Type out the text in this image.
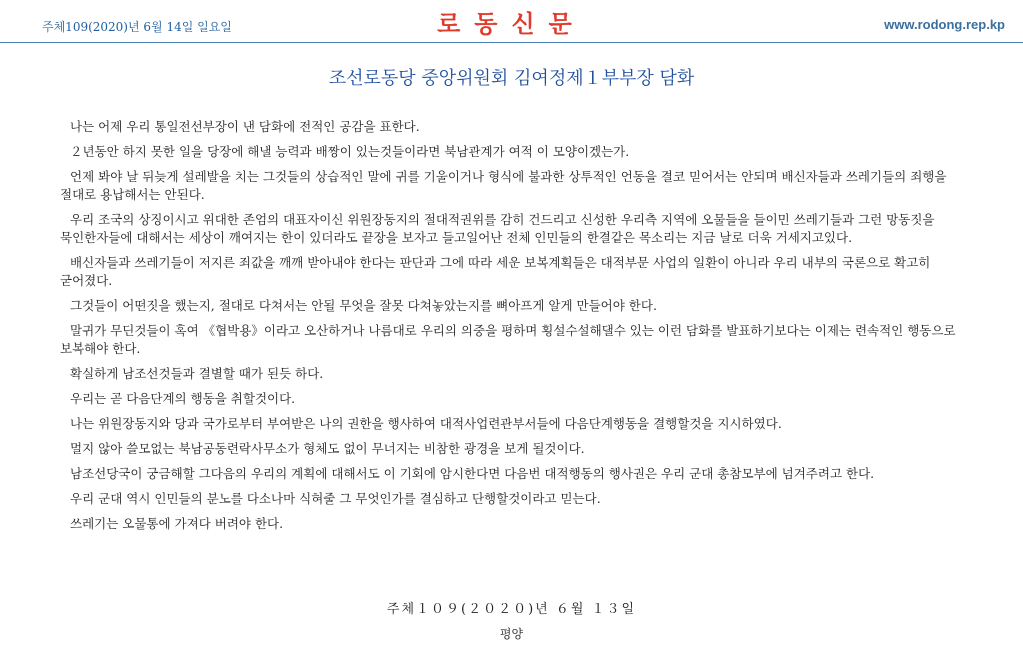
주체109(2020)년 6월 14일 일요일	로동신문	www.rodong.rep.kp
조선로동당 중앙위원회 김여정제１부부장 담화

나는 어제 우리 통일전선부장이 낸 담화에 전적인 공감을 표한다.

２년동안 하지 못한 일을 당장에 해낼 능력과 배짱이 있는것들이라면 북남관계가 여적 이 모양이겠는가.

언제 봐야 날 뒤늦게 설레발을 치는 그것들의 상습적인 말에 귀를 기울이거나 형식에 불과한 상투적인 언동을 결코 믿어서는 안되며 배신자들과 쓰레기들의 죄행을 절대로 용납해서는 안된다.

우리 조국의 상징이시고 위대한 존엄의 대표자이신 위원장동지의 절대적권위를 감히 건드리고 신성한 우리측 지역에 오물들을 들이민 쓰레기들과 그런 망동짓을 묵인한자들에 대해서는 세상이 깨여지는 한이 있더라도 끝장을 보자고 들고일어난 전체 인민들의 한결같은 목소리는 지금 날로 더욱 거세지고있다.

배신자들과 쓰레기들이 저지른 죄값을 깨깨 받아내야 한다는 판단과 그에 따라 세운 보복계획들은 대적부문 사업의 일환이 아니라 우리 내부의 국론으로 확고히 굳어졌다.

그것들이 어떤짓을 했는지, 절대로 다쳐서는 안될 무엇을 잘못 다쳐놓았는지를 뼈아프게 알게 만들어야 한다.

말귀가 무딘것들이 혹여 《협박용》이라고 오산하거나 나름대로 우리의 의중을 평하며 횡설수설해댈수 있는 이런 담화를 발표하기보다는 이제는 련속적인 행동으로 보복해야 한다.

확실하게 남조선것들과 결별할 때가 된듯 하다.

우리는 곧 다음단계의 행동을 취할것이다.

나는 위원장동지와 당과 국가로부터 부여받은 나의 권한을 행사하여 대적사업련관부서들에 다음단계행동을 결행할것을 지시하였다.

멀지 않아 쓸모없는 북남공동련락사무소가 형체도 없이 무너지는 비참한 광경을 보게 될것이다.

남조선당국이 궁금해할 그다음의 우리의 계획에 대해서도 이 기회에 암시한다면 다음번 대적행동의 행사권은 우리 군대 총참모부에 넘겨주려고 한다.

우리 군대 역시 인민들의 분노를 다소나마 식혀줄 그 무엇인가를 결심하고 단행할것이라고 믿는다.

쓰레기는 오물통에 가져다 버려야 한다.

주체１０９(２０２０)년 ６월 １３일
평양
